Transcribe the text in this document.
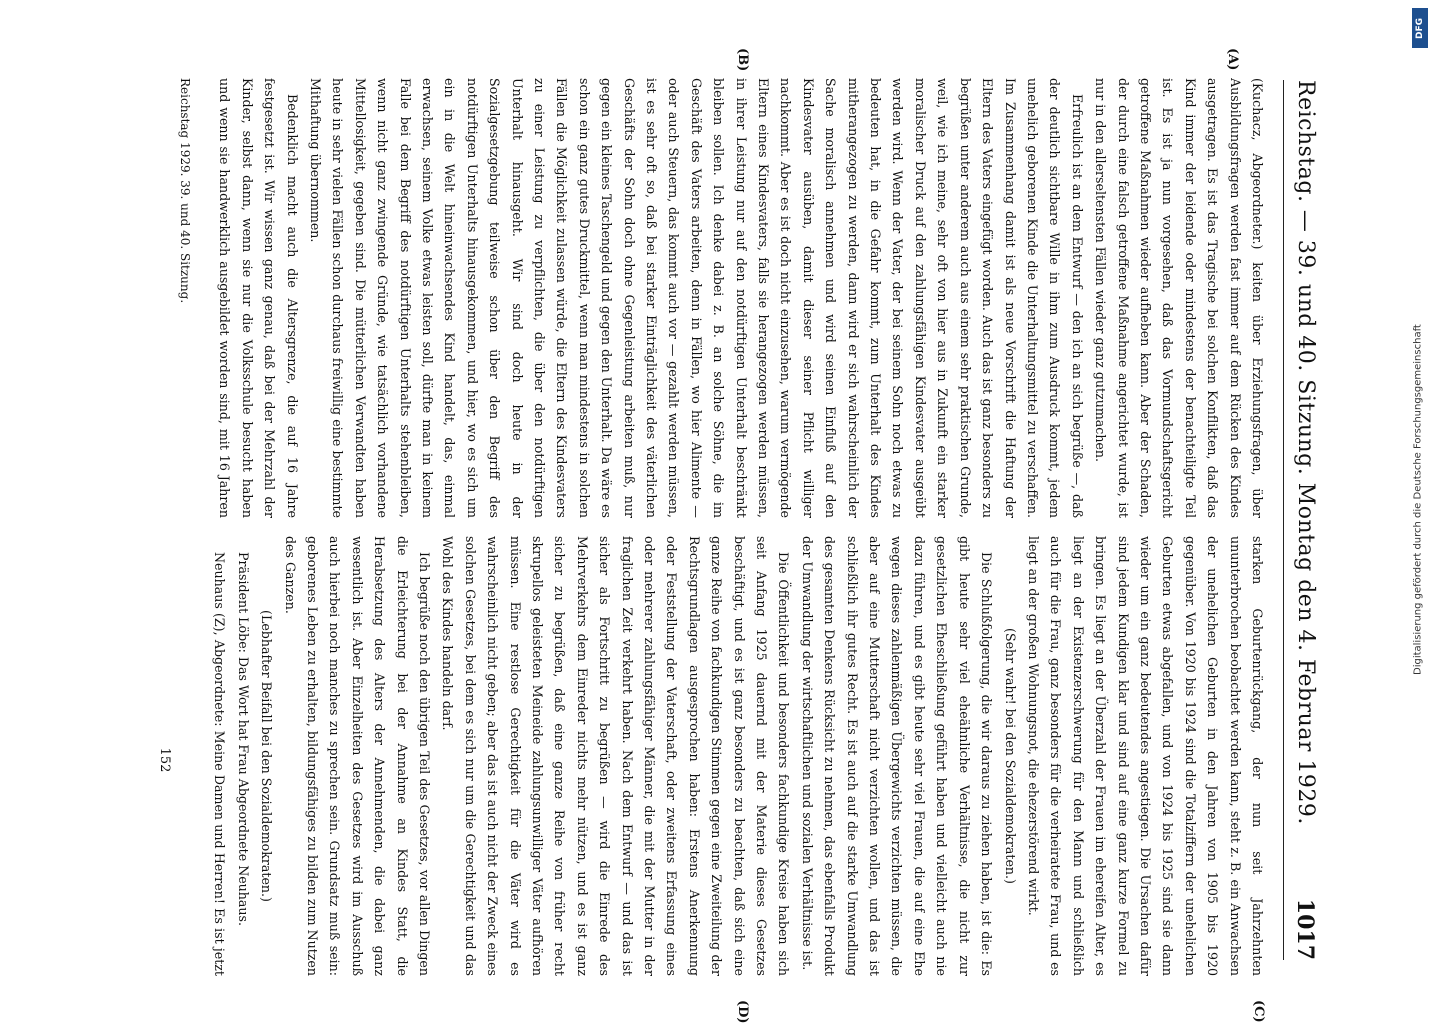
Reichstag. — 39. und 40. Sitzung. Montag den 4. Februar 1929.
1017
(A)
(B)
(C)
(D)

(Kuchacz, Abgeordneter.) keiten über Erziehungsfragen, über Ausbildungsfragen werden fast immer auf dem Rücken des Kindes ausgetragen. Es ist das Tragische bei solchen Konflikten, daß das Kind immer der leidende oder mindestens der benachteiligte Teil ist. Es ist ja nun vorgesehen, daß das Vormundschaftsgericht getroffene Maßnahmen wieder aufheben kann. Aber der Schaden, der durch eine falsch getroffene Maßnahme angerichtet wurde, ist nur in den allerseltensten Fällen wieder ganz gutzumachen.

Erfreulich ist an dem Entwurf — den ich an sich begrüße —, daß der deutlich sichtbare Wille in ihm zum Ausdruck kommt, jedem unehelich geborenen Kinde die Unterhaltungsmittel zu verschaffen. Im Zusammenhang damit ist als neue Vorschrift die Haftung der Eltern des Vaters eingefügt worden. Auch das ist ganz besonders zu begrüßen unter anderem auch aus einem sehr praktischen Grunde, weil, wie ich meine, sehr oft von hier aus in Zukunft ein starker moralischer Druck auf den zahlungsfähigen Kindesvater ausgeübt werden wird. Wenn der Vater, der bei seinem Sohn noch etwas zu bedeuten hat, in die Gefahr kommt, zum Unterhalt des Kindes mitherangezogen zu werden, dann wird er sich wahrscheinlich der Sache moralisch annehmen und wird seinen Einfluß auf den Kindesvater ausüben, damit dieser seiner Pflicht williger nachkommt. Aber es ist doch nicht einzusehen, warum vermögende Eltern eines Kindesvaters, falls sie herangezogen werden müssen, in ihrer Leistung nur auf den notdürftigen Unterhalt beschränkt bleiben sollen. Ich denke dabei z. B. an solche Söhne, die im Geschäft des Vaters arbeiten, denn in Fällen, wo hier Alimente — oder auch Steuern, das kommt auch vor — gezahlt werden müssen, ist es sehr oft so, daß bei starker Einträglichkeit des väterlichen Geschäfts der Sohn doch ohne Gegenleistung arbeiten muß, nur gegen ein kleines Taschengeld und gegen den Unterhalt. Da wäre es schon ein ganz gutes Druckmittel, wenn man mindestens in solchen Fällen die Möglichkeit zulassen würde, die Eltern des Kindesvaters zu einer Leistung zu verpflichten, die über den notdürftigen Unterhalt hinausgeht. Wir sind doch heute in der Sozialgesetzgebung teilweise schon über den Begriff des notdürftigen Unterhalts hinausgekommen, und hier, wo es sich um ein in die Welt hineinwachsendes Kind handelt, das, einmal erwachsen, seinem Volke etwas leisten soll, dürfte man in keinem Falle bei dem Begriff des notdürftigen Unterhalts stehenbleiben, wenn nicht ganz zwingende Gründe, wie tatsächlich vorhandene Mittellosigkeit, gegeben sind. Die mütterlichen Verwandten haben heute in sehr vielen Fällen schon durchaus freiwillig eine bestimmte Mithaftung übernommen.

Bedenklich macht auch die Altersgrenze, die auf 16 Jahre festgesetzt ist. Wir wissen ganz genau, daß bei der Mehrzahl der Kinder, selbst dann, wenn sie nur die Volksschule besucht haben und wenn sie handwerklich ausgebildet worden sind, mit 16 Jahren

starken Geburtenrückgang, der nun seit Jahrzehnten ununterbrochen beobachtet werden kann, steht z. B. ein Anwachsen der unehelichen Geburten in den Jahren von 1905 bis 1920 gegenüber. Von 1920 bis 1924 sind die Totalziffern der unehelichen Geburten etwas abgefallen, und von 1924 bis 1925 sind sie dann wieder um ein ganz bedeutendes angestiegen. Die Ursachen dafür sind jedem Kundigen klar und sind auf eine ganz kurze Formel zu bringen. Es liegt an der Überzahl der Frauen im ehereifen Alter, es liegt an der Existenzerschwerung für den Mann und schließlich auch für die Frau, ganz besonders für die verheiratete Frau, und es liegt an der großen Wohnungsnot, die ehezerstörend wirkt.

(Sehr wahr! bei den Sozialdemokraten.)

Die Schlußfolgerung, die wir daraus zu ziehen haben, ist die: Es gibt heute sehr viel eheähnliche Verhältnisse, die nicht zur gesetzlichen Eheschließung geführt haben und vielleicht auch nie dazu führen, und es gibt heute sehr viel Frauen, die auf eine Ehe wegen dieses zahlenmäßigen Übergewichts verzichten müssen, die aber auf eine Mutterschaft nicht verzichten wollen, und das ist schließlich ihr gutes Recht. Es ist auch auf die starke Umwandlung des gesamten Denkens Rücksicht zu nehmen, das ebenfalls Produkt der Umwandlung der wirtschaftlichen und sozialen Verhältnisse ist.

Die Öffentlichkeit und besonders fachkundige Kreise haben sich seit Anfang 1925 dauernd mit der Materie dieses Gesetzes beschäftigt, und es ist ganz besonders zu beachten, daß sich eine ganze Reihe von fachkundigen Stimmen gegen eine Zweiteilung der Rechtsgrundlagen ausgesprochen haben: Erstens Anerkennung oder Feststellung der Vaterschaft, oder zweitens Erfassung eines oder mehrerer zahlungsfähiger Männer, die mit der Mutter in der fraglichen Zeit verkehrt haben. Nach dem Entwurf — und das ist sicher als Fortschritt zu begrüßen — wird die Einrede des Mehrverkehrs dem Einreder nichts mehr nützen, und es ist ganz sicher zu begrüßen, daß eine ganze Reihe von früher recht skrupellos geleisteten Meineide zahlungsunwilliger Väter aufhören müssen. Eine restlose Gerechtigkeit für die Väter wird es wahrscheinlich nicht geben; aber das ist auch nicht der Zweck eines solchen Gesetzes, bei dem es sich nur um die Gerechtigkeit und das Wohl des Kindes handeln darf.

Ich begrüße noch den übrigen Teil des Gesetzes, vor allen Dingen die Erleichterung bei der Annahme an Kindes Statt, die Herabsetzung des Alters der Annehmenden, die dabei ganz wesentlich ist. Aber Einzelheiten des Gesetzes wird im Ausschuß auch hierbei noch manches zu sprechen sein. Grundsatz muß sein: geborenes Leben zu erhalten, bildungsfähiges zu bilden zum Nutzen des Ganzen.

(Lebhafter Beifall bei den Sozialdemokraten.)

Präsident Löbe: Das Wort hat Frau Abgeordnete Neuhaus.

Neuhaus (Z), Abgeordnete: Meine Damen und Herren! Es ist jetzt

Reichstag 1929. 39. und 40. Sitzung.
152
Digitalisierung gefördert durch die Deutsche Forschungsgemeinschaft
DFG
